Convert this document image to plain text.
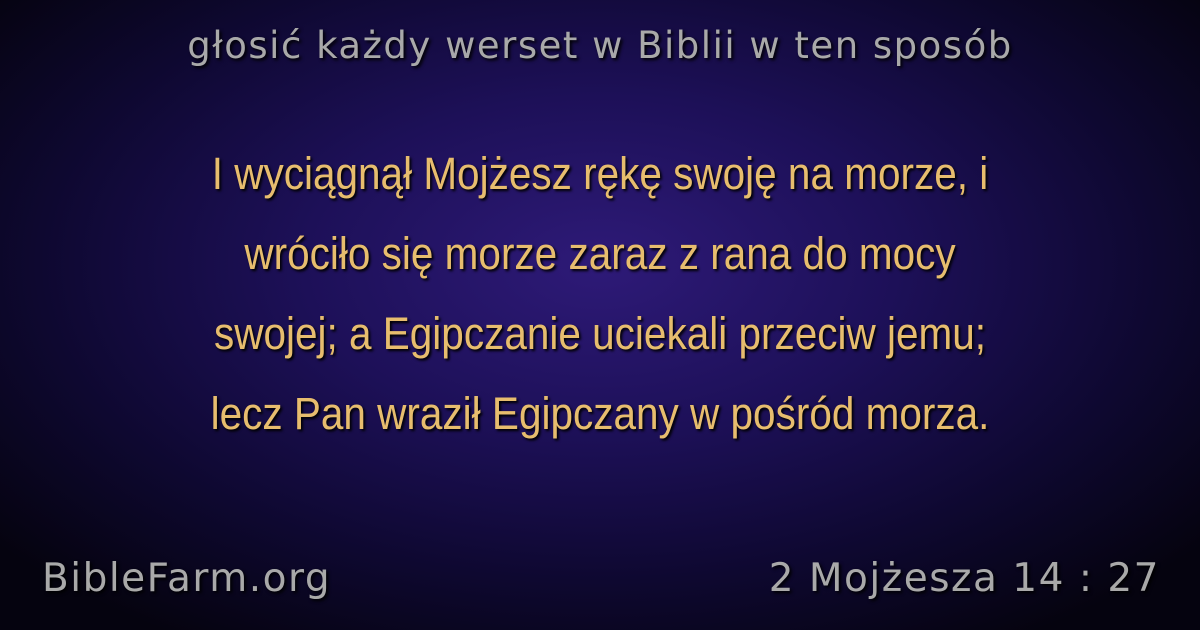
głosić każdy werset w Biblii w ten sposób
I wyciągnął Mojżesz rękę swoję na morze, i
wróciło się morze zaraz z rana do mocy
swojej; a Egipczanie uciekali przeciw jemu;
lecz Pan wraził Egipczany w pośród morza.
BibleFarm.org	2 Mojżesza 14 : 27
